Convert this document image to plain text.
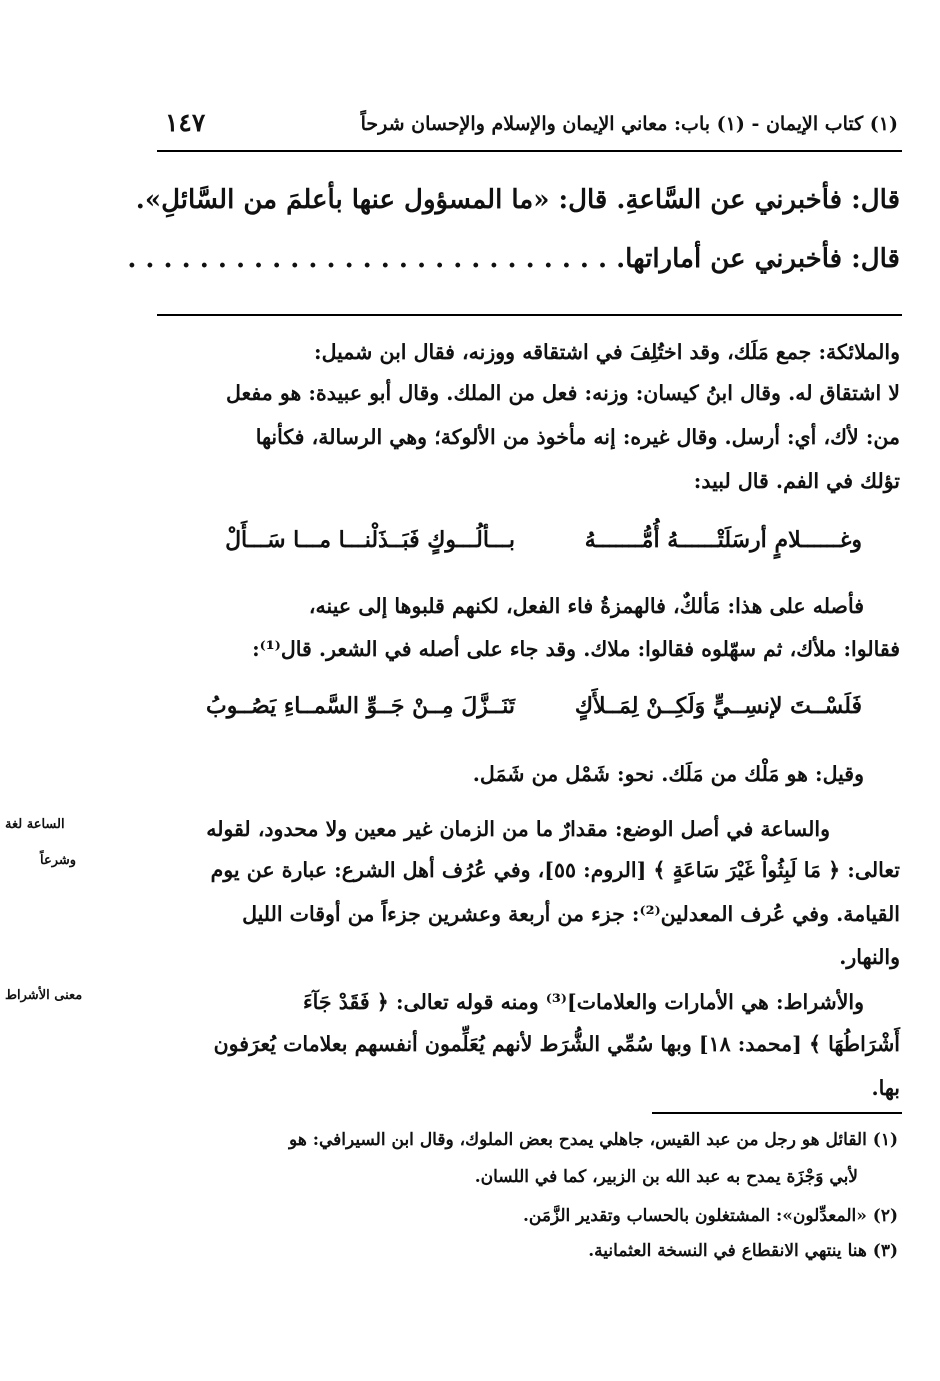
(١) كتاب الإيمان - (١) باب: معاني الإيمان والإسلام والإحسان شرحاً
١٤٧
قال: فأخبرني عن السَّاعةِ. قال: «ما المسؤول عنها بأعلمَ من السَّائلِ».
قال: فأخبرني عن أماراتها. . . . . . . . . . . . . . . . . . . . . . . . . . . .
والملائكة: جمع مَلَك، وقد اختُلِفَ في اشتقاقه ووزنه، فقال ابن شميل:
لا اشتقاق له. وقال ابنُ كيسان: وزنه: فعل من الملك. وقال أبو عبيدة: هو مفعل
من: لأك، أي: أرسل. وقال غيره: إنه مأخوذ من الألوكة؛ وهي الرسالة، فكأنها
تؤلك في الفم. قال لبيد:
وغــــــلامٍ أرسَلَتْــــــهُ أُمُّـــــــهُ
بـــألُـــوكٍ فَبَــذَلْنـــا مـــا سَـــأَلْ
فأصله على هذا: مَألكٌ، فالهمزةُ فاء الفعل، لكنهم قلبوها إلى عينه،
فقالوا: ملأك، ثم سهّلوه فقالوا: ملاك. وقد جاء على أصله في الشعر. قال⁽¹⁾:
فَلَسْــتَ لإنسِــيٍّ وَلَكِــنْ لِمَــلأَكٍ
تَنَــزَّلَ مِــنْ جَــوِّ السَّمــاءِ يَصُــوبُ
وقيل: هو مَلْك من مَلَك. نحو: شَمْل من شَمَل.
والساعة في أصل الوضع: مقدارٌ ما من الزمان غير معين ولا محدود، لقوله
تعالى: ﴿ مَا لَبِثُواْ غَيْرَ سَاعَةٍ ﴾ [الروم: ٥٥]، وفي عُرُف أهل الشرع: عبارة عن يوم
القيامة. وفي عُرف المعدلين⁽²⁾: جزء من أربعة وعشرين جزءاً من أوقات الليل
والنهار.
والأشراط: هي الأمارات والعلامات]⁽³⁾ ومنه قوله تعالى: ﴿ فَقَدْ جَآءَ
أَشْرَاطُهَا ﴾ [محمد: ١٨] وبها سُمِّي الشُّرَط لأنهم يُعَلِّمون أنفسهم بعلامات يُعرَفون
بها.
الساعة لغة
وشرعاً
معنى الأشراط
(١) القائل هو رجل من عبد القيس، جاهلي يمدح بعض الملوك، وقال ابن السيرافي: هو
لأبي وَجْزَة يمدح به عبد الله بن الزبير، كما في اللسان.
(٢) «المعدِّلون»: المشتغلون بالحساب وتقدير الزَّمَن.
(٣) هنا ينتهي الانقطاع في النسخة العثمانية.
